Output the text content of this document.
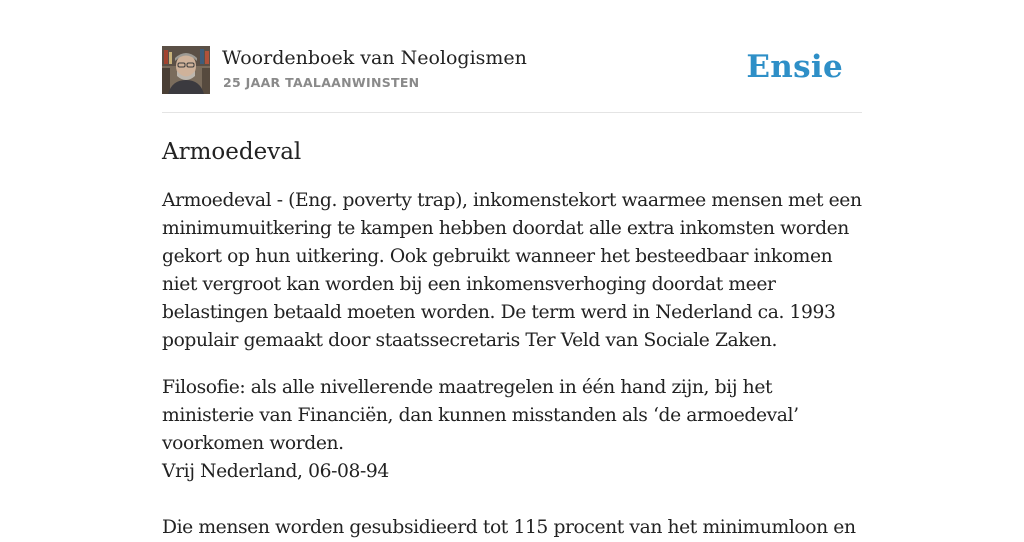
Woordenboek van Neologismen
25 JAAR TAALAANWINSTEN	Ensie
Armoedeval

Armoedeval - (Eng. poverty trap), inkomenstekort waarmee mensen met een minimumuitkering te kampen hebben doordat alle extra inkomsten worden gekort op hun uitkering. Ook gebruikt wanneer het besteedbaar inkomen niet vergroot kan worden bij een inkomensverhoging doordat meer belastingen betaald moeten worden. De term werd in Nederland ca. 1993 populair gemaakt door staatssecretaris Ter Veld van Sociale Zaken.

Filosofie: als alle nivellerende maatregelen in één hand zijn, bij het ministerie van Financiën, dan kunnen misstanden als ‘de armoedeval’ voorkomen worden.
Vrij Nederland, 06-08-94

Die mensen worden gesubsidieerd tot 115 procent van het minimumloon en
